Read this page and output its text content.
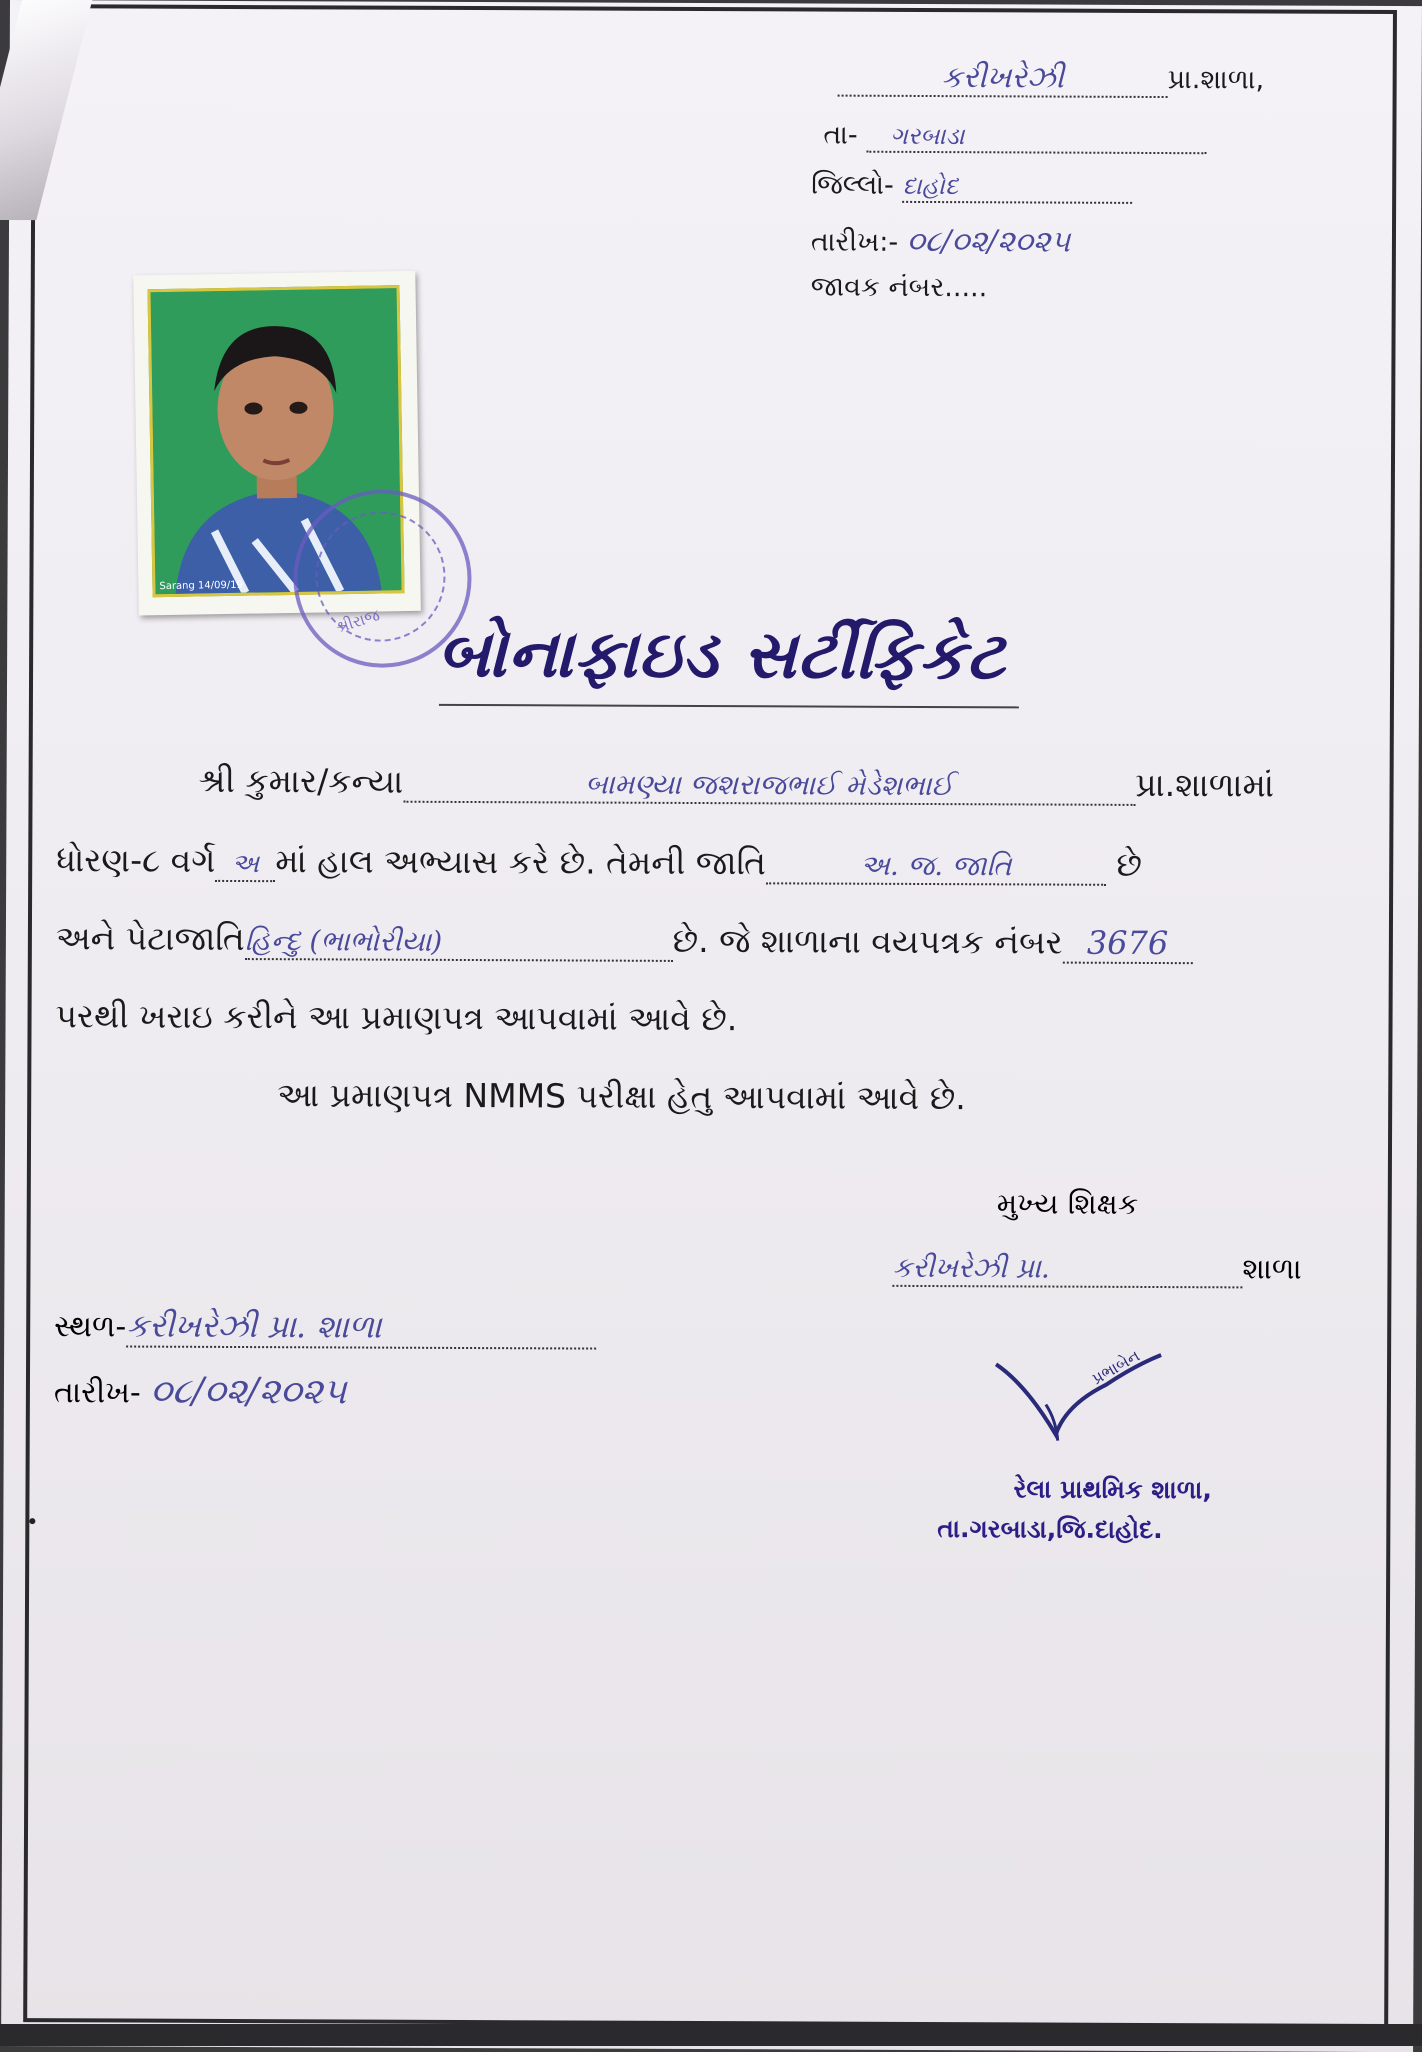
કરીખરેઝી	પ્રા.શાળા,
તા- ગરબાડા
જિલ્લો- દાહોદ
તારીખ:- ૦૮/૦૨/૨૦૨૫
જાવક નંબર.....
Sarang 14/09/19
શ્રીરાજ બોનાફાઇડ સર્ટીફિકેટ
શ્રી કુમાર/કન્યા	બામણ્યા જશરાજભાઈ મેડેશભાઈ	પ્રા.શાળામાં
ધોરણ-૮ વર્ગ અ માં હાલ અભ્યાસ કરે છે. તેમની જાતિ	અ. જ. જાતિ	છે
અને પેટાજાતિહિન્દુ (ભાભોરીયા)	છે. જે શાળાના વયપત્રક નંબર 3676
પરથી ખરાઇ કરીને આ પ્રમાણપત્ર આપવામાં આવે છે.
આ પ્રમાણપત્ર NMMS પરીક્ષા હેતુ આપવામાં આવે છે.
મુખ્ય શિક્ષક
કરીખરેઝી પ્રા.	શાળા
સ્થળ-કરીખરેઝી પ્રા. શાળા
તારીખ- ૦૮/૦૨/૨૦૨૫
પ્રભાબેન
રેલા પ્રાથમિક શાળા,
તા.ગરબાડા,જિ.દાહોદ.
